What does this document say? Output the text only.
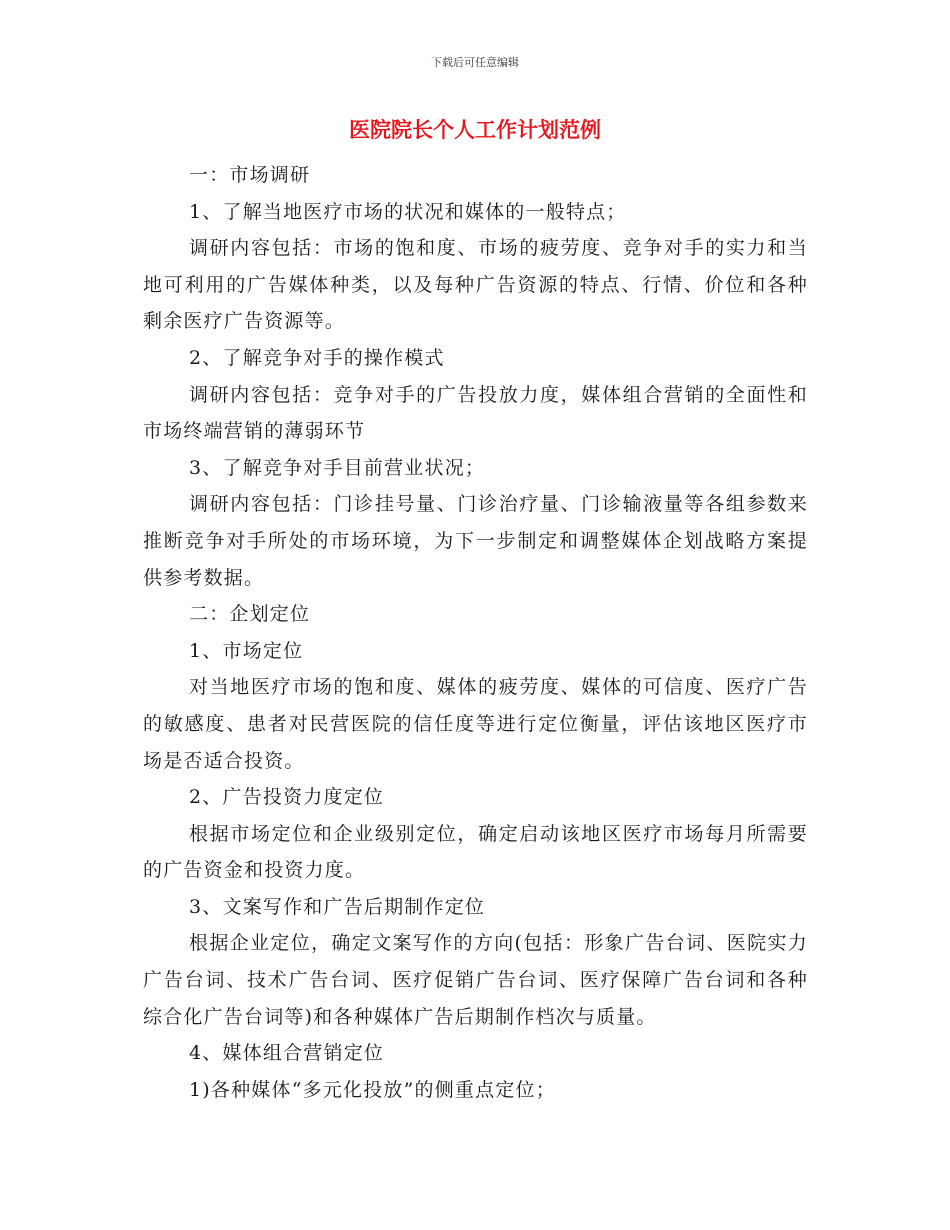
下载后可任意编辑
医院院长个人工作计划范例

一：市场调研

1、了解当地医疗市场的状况和媒体的一般特点；

调研内容包括：市场的饱和度、市场的疲劳度、竞争对手的实力和当地可利用的广告媒体种类，以及每种广告资源的特点、行情、价位和各种剩余医疗广告资源等。

2、了解竞争对手的操作模式

调研内容包括：竞争对手的广告投放力度，媒体组合营销的全面性和市场终端营销的薄弱环节

3、了解竞争对手目前营业状况；

调研内容包括：门诊挂号量、门诊治疗量、门诊输液量等各组参数来推断竞争对手所处的市场环境，为下一步制定和调整媒体企划战略方案提供参考数据。

二：企划定位

1、市场定位

对当地医疗市场的饱和度、媒体的疲劳度、媒体的可信度、医疗广告的敏感度、患者对民营医院的信任度等进行定位衡量，评估该地区医疗市场是否适合投资。

2、广告投资力度定位

根据市场定位和企业级别定位，确定启动该地区医疗市场每月所需要的广告资金和投资力度。

3、文案写作和广告后期制作定位

根据企业定位，确定文案写作的方向(包括：形象广告台词、医院实力广告台词、技术广告台词、医疗促销广告台词、医疗保障广告台词和各种综合化广告台词等)和各种媒体广告后期制作档次与质量。

4、媒体组合营销定位

1)各种媒体“多元化投放”的侧重点定位；
